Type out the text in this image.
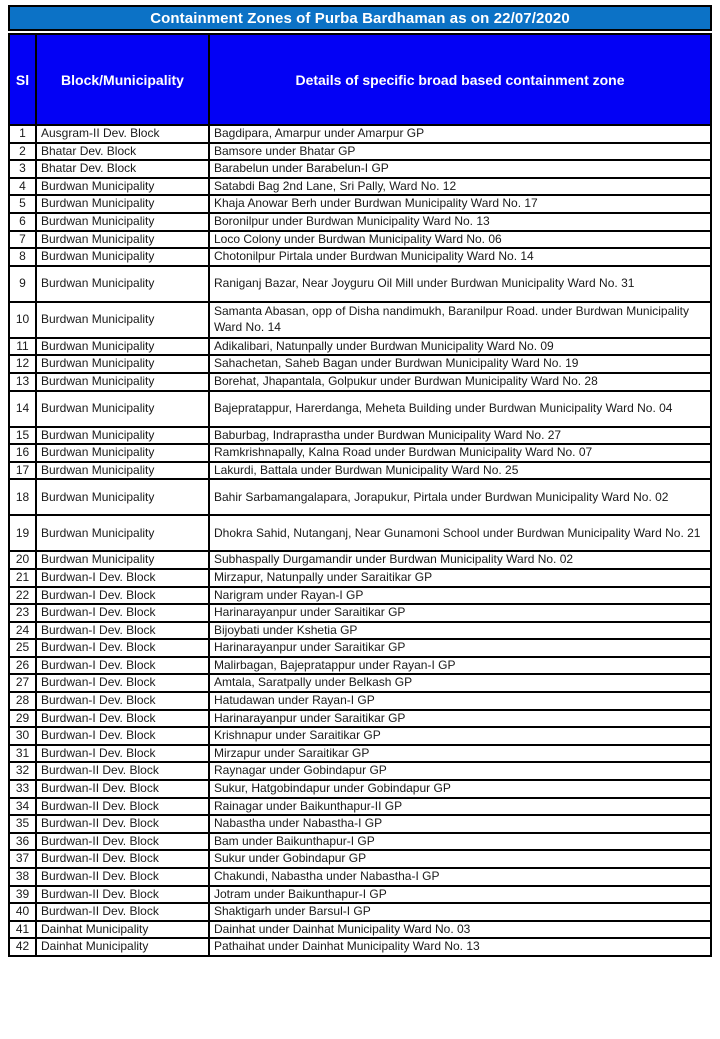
Containment Zones of Purba Bardhaman as on 22/07/2020
Sl	Block/Municipality	Details of specific broad based containment zone
1	Ausgram-II Dev. Block	Bagdipara, Amarpur under Amarpur GP
2	Bhatar Dev. Block	Bamsore under Bhatar GP
3	Bhatar Dev. Block	Barabelun under Barabelun-I GP
4	Burdwan Municipality	Satabdi Bag 2nd Lane, Sri Pally, Ward No. 12
5	Burdwan Municipality	Khaja Anowar Berh under Burdwan Municipality Ward No. 17
6	Burdwan Municipality	Boronilpur under Burdwan Municipality Ward No. 13
7	Burdwan Municipality	Loco Colony under Burdwan Municipality Ward No. 06
8	Burdwan Municipality	Chotonilpur Pirtala under Burdwan Municipality Ward No. 14
9	Burdwan Municipality	Raniganj Bazar, Near Joyguru Oil Mill under Burdwan Municipality Ward No. 31
10	Burdwan Municipality	Samanta Abasan, opp of Disha nandimukh, Baranilpur Road. under Burdwan Municipality Ward No. 14
11	Burdwan Municipality	Adikalibari, Natunpally under Burdwan Municipality Ward No. 09
12	Burdwan Municipality	Sahachetan, Saheb Bagan under Burdwan Municipality Ward No. 19
13	Burdwan Municipality	Borehat, Jhapantala, Golpukur under Burdwan Municipality Ward No. 28
14	Burdwan Municipality	Bajepratappur, Harerdanga, Meheta Building under Burdwan Municipality Ward No. 04
15	Burdwan Municipality	Baburbag, Indraprastha under Burdwan Municipality Ward No. 27
16	Burdwan Municipality	Ramkrishnapally, Kalna Road under Burdwan Municipality Ward No. 07
17	Burdwan Municipality	Lakurdi, Battala under Burdwan Municipality Ward No. 25
18	Burdwan Municipality	Bahir Sarbamangalapara, Jorapukur, Pirtala under Burdwan Municipality Ward No. 02
19	Burdwan Municipality	Dhokra Sahid, Nutanganj, Near Gunamoni School under Burdwan Municipality Ward No. 21
20	Burdwan Municipality	Subhaspally Durgamandir under Burdwan Municipality Ward No. 02
21	Burdwan-I Dev. Block	Mirzapur, Natunpally under Saraitikar GP
22	Burdwan-I Dev. Block	Narigram under Rayan-I GP
23	Burdwan-I Dev. Block	Harinarayanpur under Saraitikar GP
24	Burdwan-I Dev. Block	Bijoybati under Kshetia GP
25	Burdwan-I Dev. Block	Harinarayanpur under Saraitikar GP
26	Burdwan-I Dev. Block	Malirbagan, Bajepratappur under Rayan-I GP
27	Burdwan-I Dev. Block	Amtala, Saratpally under Belkash GP
28	Burdwan-I Dev. Block	Hatudawan under Rayan-I GP
29	Burdwan-I Dev. Block	Harinarayanpur under Saraitikar GP
30	Burdwan-I Dev. Block	Krishnapur under Saraitikar GP
31	Burdwan-I Dev. Block	Mirzapur under Saraitikar GP
32	Burdwan-II Dev. Block	Raynagar under Gobindapur GP
33	Burdwan-II Dev. Block	Sukur, Hatgobindapur under Gobindapur GP
34	Burdwan-II Dev. Block	Rainagar under Baikunthapur-II GP
35	Burdwan-II Dev. Block	Nabastha under Nabastha-I GP
36	Burdwan-II Dev. Block	Bam under Baikunthapur-I GP
37	Burdwan-II Dev. Block	Sukur under Gobindapur GP
38	Burdwan-II Dev. Block	Chakundi, Nabastha under Nabastha-I GP
39	Burdwan-II Dev. Block	Jotram under Baikunthapur-I GP
40	Burdwan-II Dev. Block	Shaktigarh under Barsul-I GP
41	Dainhat Municipality	Dainhat under Dainhat Municipality Ward No. 03
42	Dainhat Municipality	Pathaihat under Dainhat Municipality Ward No. 13
